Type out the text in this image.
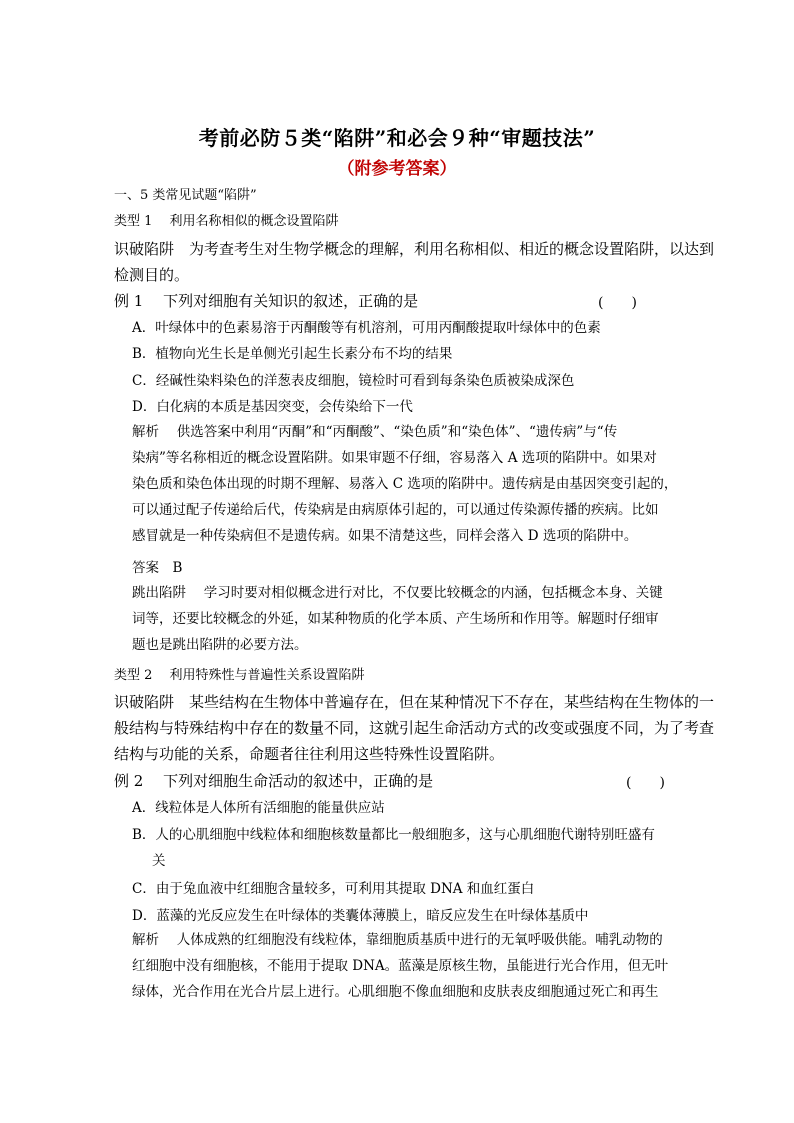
考前必防５类“陷阱”和必会９种“审题技法”
（附参考答案）
一、5 类常见试题“陷阱”
类型 1　 利用名称相似的概念设置陷阱
识破陷阱　为考查考生对生物学概念的理解，利用名称相似、相近的概念设置陷阱，以达到
检测目的。
例 1　 下列对细胞有关知识的叙述，正确的是	(　　)
A．叶绿体中的色素易溶于丙酮酸等有机溶剂，可用丙酮酸提取叶绿体中的色素
B．植物向光生长是单侧光引起生长素分布不均的结果
C．经碱性染料染色的洋葱表皮细胞，镜检时可看到每条染色质被染成深色
D．白化病的本质是基因突变，会传染给下一代
解析　 供选答案中利用“丙酮”和“丙酮酸”、“染色质”和“染色体”、“遗传病”与“传
染病”等名称相近的概念设置陷阱。如果审题不仔细，容易落入 A 选项的陷阱中。如果对
染色质和染色体出现的时期不理解、易落入 C 选项的陷阱中。遗传病是由基因突变引起的，
可以通过配子传递给后代，传染病是由病原体引起的，可以通过传染源传播的疾病。比如
感冒就是一种传染病但不是遗传病。如果不清楚这些，同样会落入 D 选项的陷阱中。
答案　B
跳出陷阱　 学习时要对相似概念进行对比，不仅要比较概念的内涵，包括概念本身、关键
词等，还要比较概念的外延，如某种物质的化学本质、产生场所和作用等。解题时仔细审
题也是跳出陷阱的必要方法。
类型 2　 利用特殊性与普遍性关系设置陷阱
识破陷阱　某些结构在生物体中普遍存在，但在某种情况下不存在，某些结构在生物体的一
般结构与特殊结构中存在的数量不同，这就引起生命活动方式的改变或强度不同，为了考查
结构与功能的关系，命题者往往利用这些特殊性设置陷阱。
例 2　 下列对细胞生命活动的叙述中，正确的是	(　　)
A．线粒体是人体所有活细胞的能量供应站
B．人的心肌细胞中线粒体和细胞核数量都比一般细胞多，这与心肌细胞代谢特别旺盛有
关
C．由于兔血液中红细胞含量较多，可利用其提取 DNA 和血红蛋白
D．蓝藻的光反应发生在叶绿体的类囊体薄膜上，暗反应发生在叶绿体基质中
解析　 人体成熟的红细胞没有线粒体，靠细胞质基质中进行的无氧呼吸供能。哺乳动物的
红细胞中没有细胞核，不能用于提取 DNA。蓝藻是原核生物，虽能进行光合作用，但无叶
绿体，光合作用在光合片层上进行。心肌细胞不像血细胞和皮肤表皮细胞通过死亡和再生
